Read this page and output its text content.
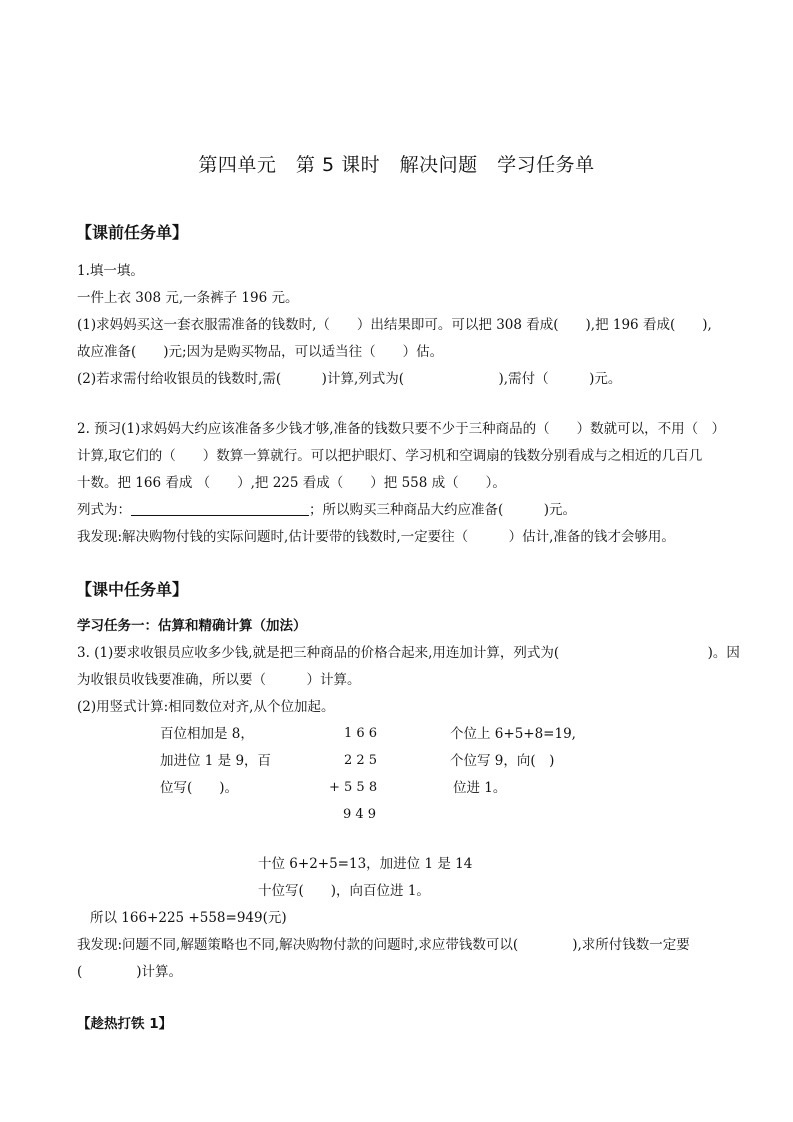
第四单元　第 5 课时　解决问题　学习任务单
【课前任务单】
1.填一填。
一件上衣 308 元,一条裤子 196 元。
(1)求妈妈买这一套衣服需准备的钱数时,（　　）出结果即可。可以把 308 看成(　　),把 196 看成(　　),
故应准备(　　)元;因为是购买物品，可以适当往（　　）估。
(2)若求需付给收银员的钱数时,需(　　　)计算,列式为(　　　　　　　),需付（　　　)元。
2. 预习(1)求妈妈大约应该准备多少钱才够,准备的钱数只要不少于三种商品的（　　）数就可以，不用（　）
计算,取它们的（　　）数算一算就行。可以把护眼灯、学习机和空调扇的钱数分别看成与之相近的几百几
十数。把 166 看成 （　　）,把 225 看成（　　）把 558 成（　　）。
列式为：	；所以购买三种商品大约应准备(　　　)元。
我发现:解决购物付钱的实际问题时,估计要带的钱数时,一定要往（　　　）估计,准备的钱才会够用。
【课中任务单】
学习任务一：估算和精确计算（加法）
3. (1)要求收银员应收多少钱,就是把三种商品的价格合起来,用连加计算，列式为(　　　　　　　　　　　)。因
为收银员收钱要准确，所以要（　　　）计算。
(2)用竖式计算:相同数位对齐,从个位加起。
百位相加是 8，
加进位 1 是 9，百
位写(　　)。
1 6 6
2 2 5
+ 5 5 8
9 4 9
个位上 6+5+8=19,
个位写 9，向(　)
位进 1。
十位 6+2+5=13，加进位 1 是 14
十位写(　　)，向百位进 1。
所以 166+225 +558=949(元)
我发现:问题不同,解题策略也不同,解决购物付款的问题时,求应带钱数可以(　　　　),求所付钱数一定要
(　　　　)计算。
【趁热打铁 1】
